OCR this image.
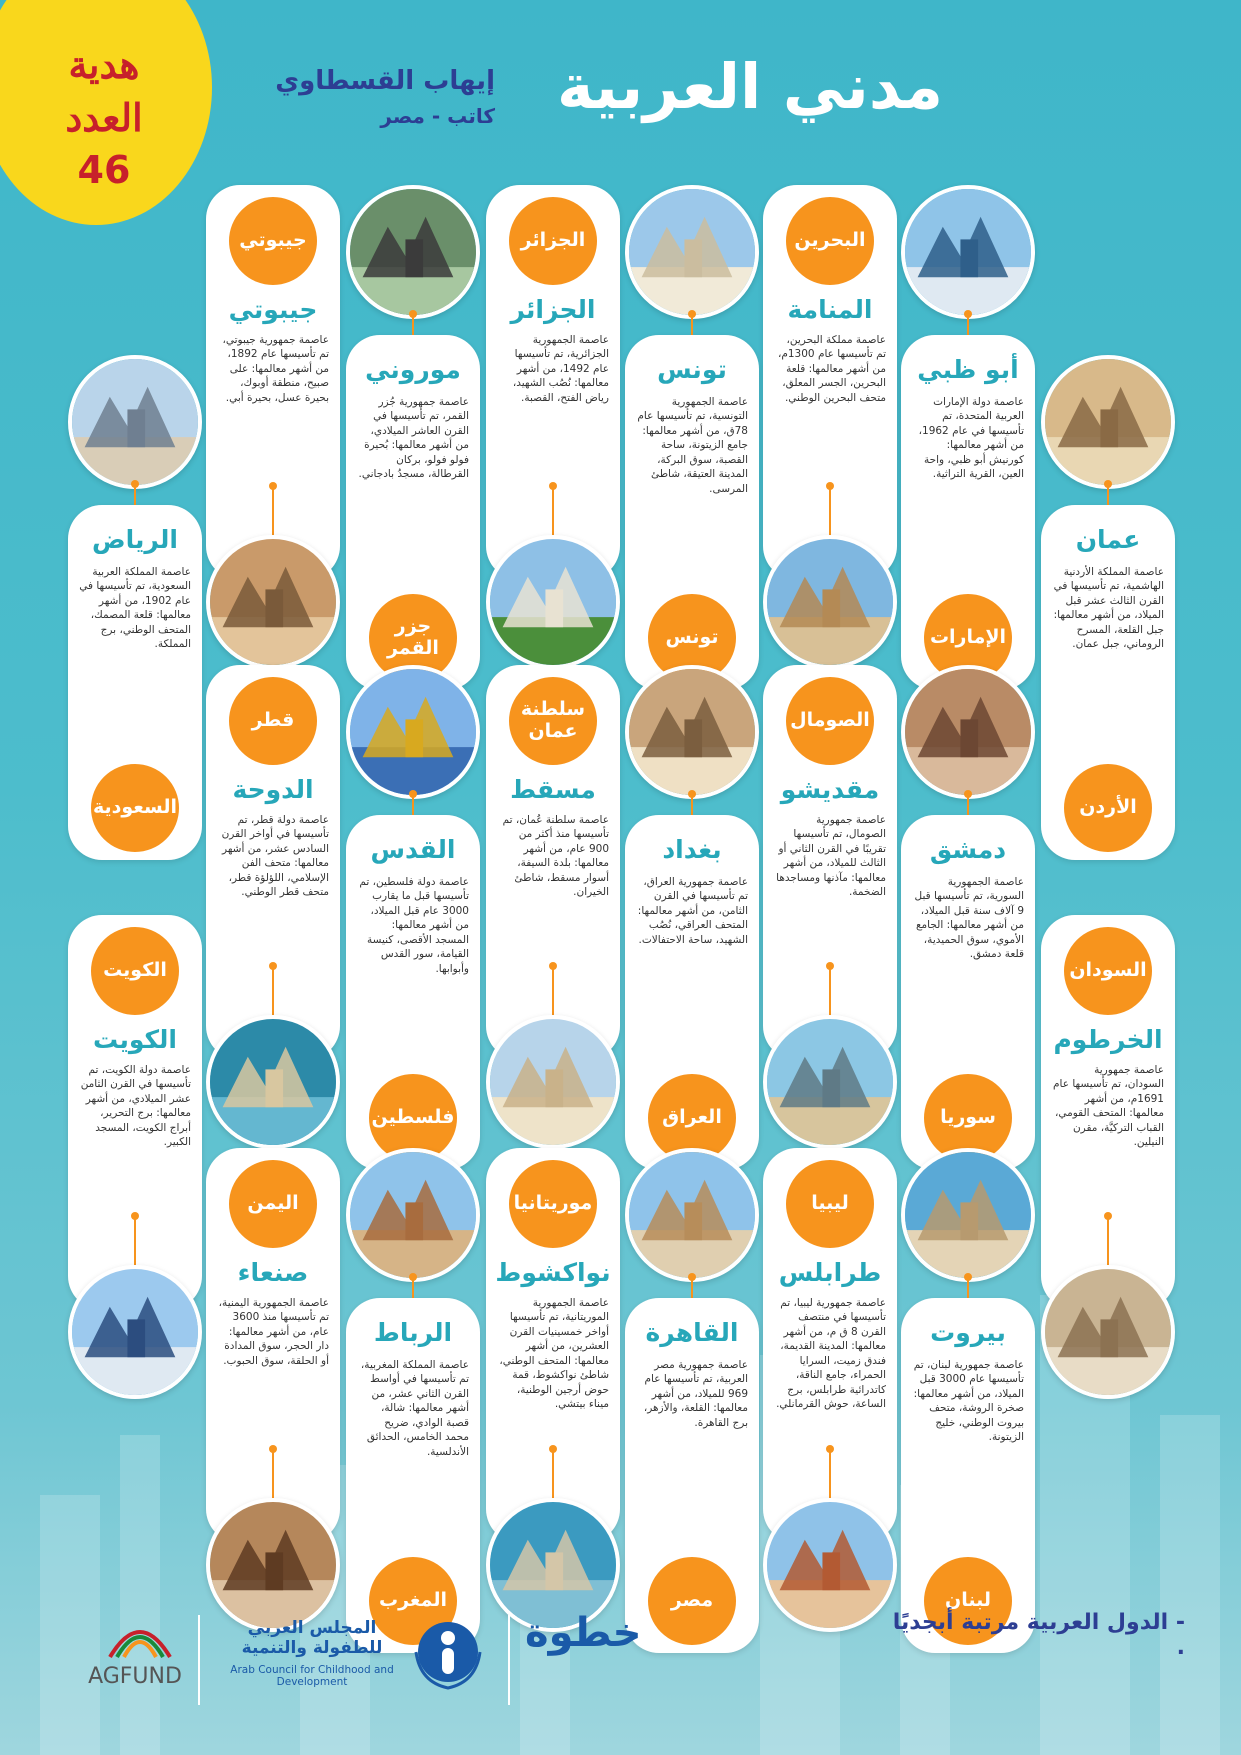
هدية
العدد
46
مدني العربية
إيهاب القسطاوي
كاتب - مصر
عمان
عاصمة المملكة الأردنية الهاشمية، تم تأسيسها في القرن الثالث عشر قبل الميلاد، من أشهر معالمها: جبل القلعة، المسرح الروماني، جبل عمان.
الأردن
أبو ظبي
عاصمة دولة الإمارات العربية المتحدة، تم تأسيسها في عام 1962، من أشهر معالمها: كورنيش أبو ظبي، واحة العين، القرية التراثية.
الإمارات
البحرين
المنامة
عاصمة مملكة البحرين، تم تأسيسها عام 1300م، من أشهر معالمها: قلعة البحرين، الجسر المعلق، متحف البحرين الوطني.
تونس
عاصمة الجمهورية التونسية، تم تأسيسها عام 78ق، من أشهر معالمها: جامع الزيتونة، ساحة القصبة، سوق البركة، المدينة العتيقة، شاطئ المرسى.
تونس
الجزائر
الجزائر
عاصمة الجمهورية الجزائرية، تم تأسيسها عام 1492، من أشهر معالمها: نُصُب الشهيد، رياض الفتح، القصبة.
موروني
عاصمة جمهورية جُزر القمر، تم تأسيسها في القرن العاشر الميلادي، من أشهر معالمها: بُحيرة فولو فولو، بركان القرطالة، مسجدُ بادجاني.
جزر القمر
جيبوتي
جيبوتي
عاصمة جمهورية جيبوتي، تم تأسيسها عام 1892، من أشهر معالمها: على صبيح، منطقة أوبوك، بحيرة عسل، بحيرة أبي.
الرياض
عاصمة المملكة العربية السعودية، تم تأسيسها في عام 1902، من أشهر معالمها: قلعة المصمك، المتحف الوطني، برج المملكة.
السعودية
السودان
الخرطوم
عاصمة جمهورية السودان، تم تأسيسها عام 1691م، من أشهر معالمها: المتحف القومي، القباب التركيَّة، مقرن النيلين.
دمشق
عاصمة الجمهورية السورية، تم تأسيسها قبل 9 آلاف سنة قبل الميلاد، من أشهر معالمها: الجامع الأموي، سوق الحميدية، قلعة دمشق.
سوريا
الصومال
مقديشو
عاصمة جمهورية الصومال، تم تأسيسها تقريبًا في القرن الثاني أو الثالث للميلاد، من أشهر معالمها: مآذنها ومساجدها الضخمة.
بغداد
عاصمة جمهورية العراق، تم تأسيسها في القرن الثامن، من أشهر معالمها: المتحف العراقي، نُصُب الشهيد، ساحة الاحتفالات.
العراق
سلطنة عمان
مسقط
عاصمة سلطنة عُمان، تم تأسيسها منذ أكثر من 900 عام، من أشهر معالمها: بلدة السيفة، أسوار مسقط، شاطئ الخيران.
القدس
عاصمة دولة فلسطين، تم تأسيسها قبل ما يقارب 3000 عام قبل الميلاد، من أشهر معالمها: المسجد الأقصى، كنيسة القيامة، سور القدس وأبوابها.
فلسطين
قطر
الدوحة
عاصمة دولة قطر، تم تأسيسها في أواخر القرن السادس عشر، من أشهر معالمها: متحف الفن الإسلامي، اللؤلؤة قطر، متحف قطر الوطني.
الكويت
الكويت
عاصمة دولة الكويت، تم تأسيسها في القرن الثامن عشر الميلادي، من أشهر معالمها: برج التحرير، أبراج الكويت، المسجد الكبير.
بيروت
عاصمة جمهورية لبنان، تم تأسيسها عام 3000 قبل الميلاد، من أشهر معالمها: صخرة الروشة، متحف بيروت الوطني، خليج الزيتونة.
لبنان
ليبيا
طرابلس
عاصمة جمهورية ليبيا، تم تأسيسها في منتصف القرن 8 ق م، من أشهر معالمها: المدينة القديمة، فندق زميت، السرايا الحمراء، جامع الناقة، كاتدرائية طرابلس، برج الساعة، حوش القرمانلي.
القاهرة
عاصمة جمهورية مصر العربية، تم تأسيسها عام 969 للميلاد، من أشهر معالمها: القلعة، والأزهر، برج القاهرة.
مصر
موريتانيا
نواكشوط
عاصمة الجمهورية الموريتانية، تم تأسيسها أواخر خمسينيات القرن العشرين، من أشهر معالمها: المتحف الوطني، شاطئ نواكشوط، قمة حوض أرجين الوطنية، ميناء بيتشي.
الرباط
عاصمة المملكة المغربية، تم تأسيسها في أواسط القرن الثاني عشر، من أشهر معالمها: شالة، قصبة الوادي، ضريح محمد الخامس، الحدائق الأندلسية.
المغرب
اليمن
صنعاء
عاصمة الجمهورية اليمنية، تم تأسيسها منذ 3600 عام، من أشهر معالمها: دار الحجر، سوق المدادة أو الحلقة، سوق الحبوب.
- الدول العربية مرتبة أبجديًا .
خطوة
المجلس العربي للطفولة والتنمية
Arab Council for Childhood and Development
AGFUND
